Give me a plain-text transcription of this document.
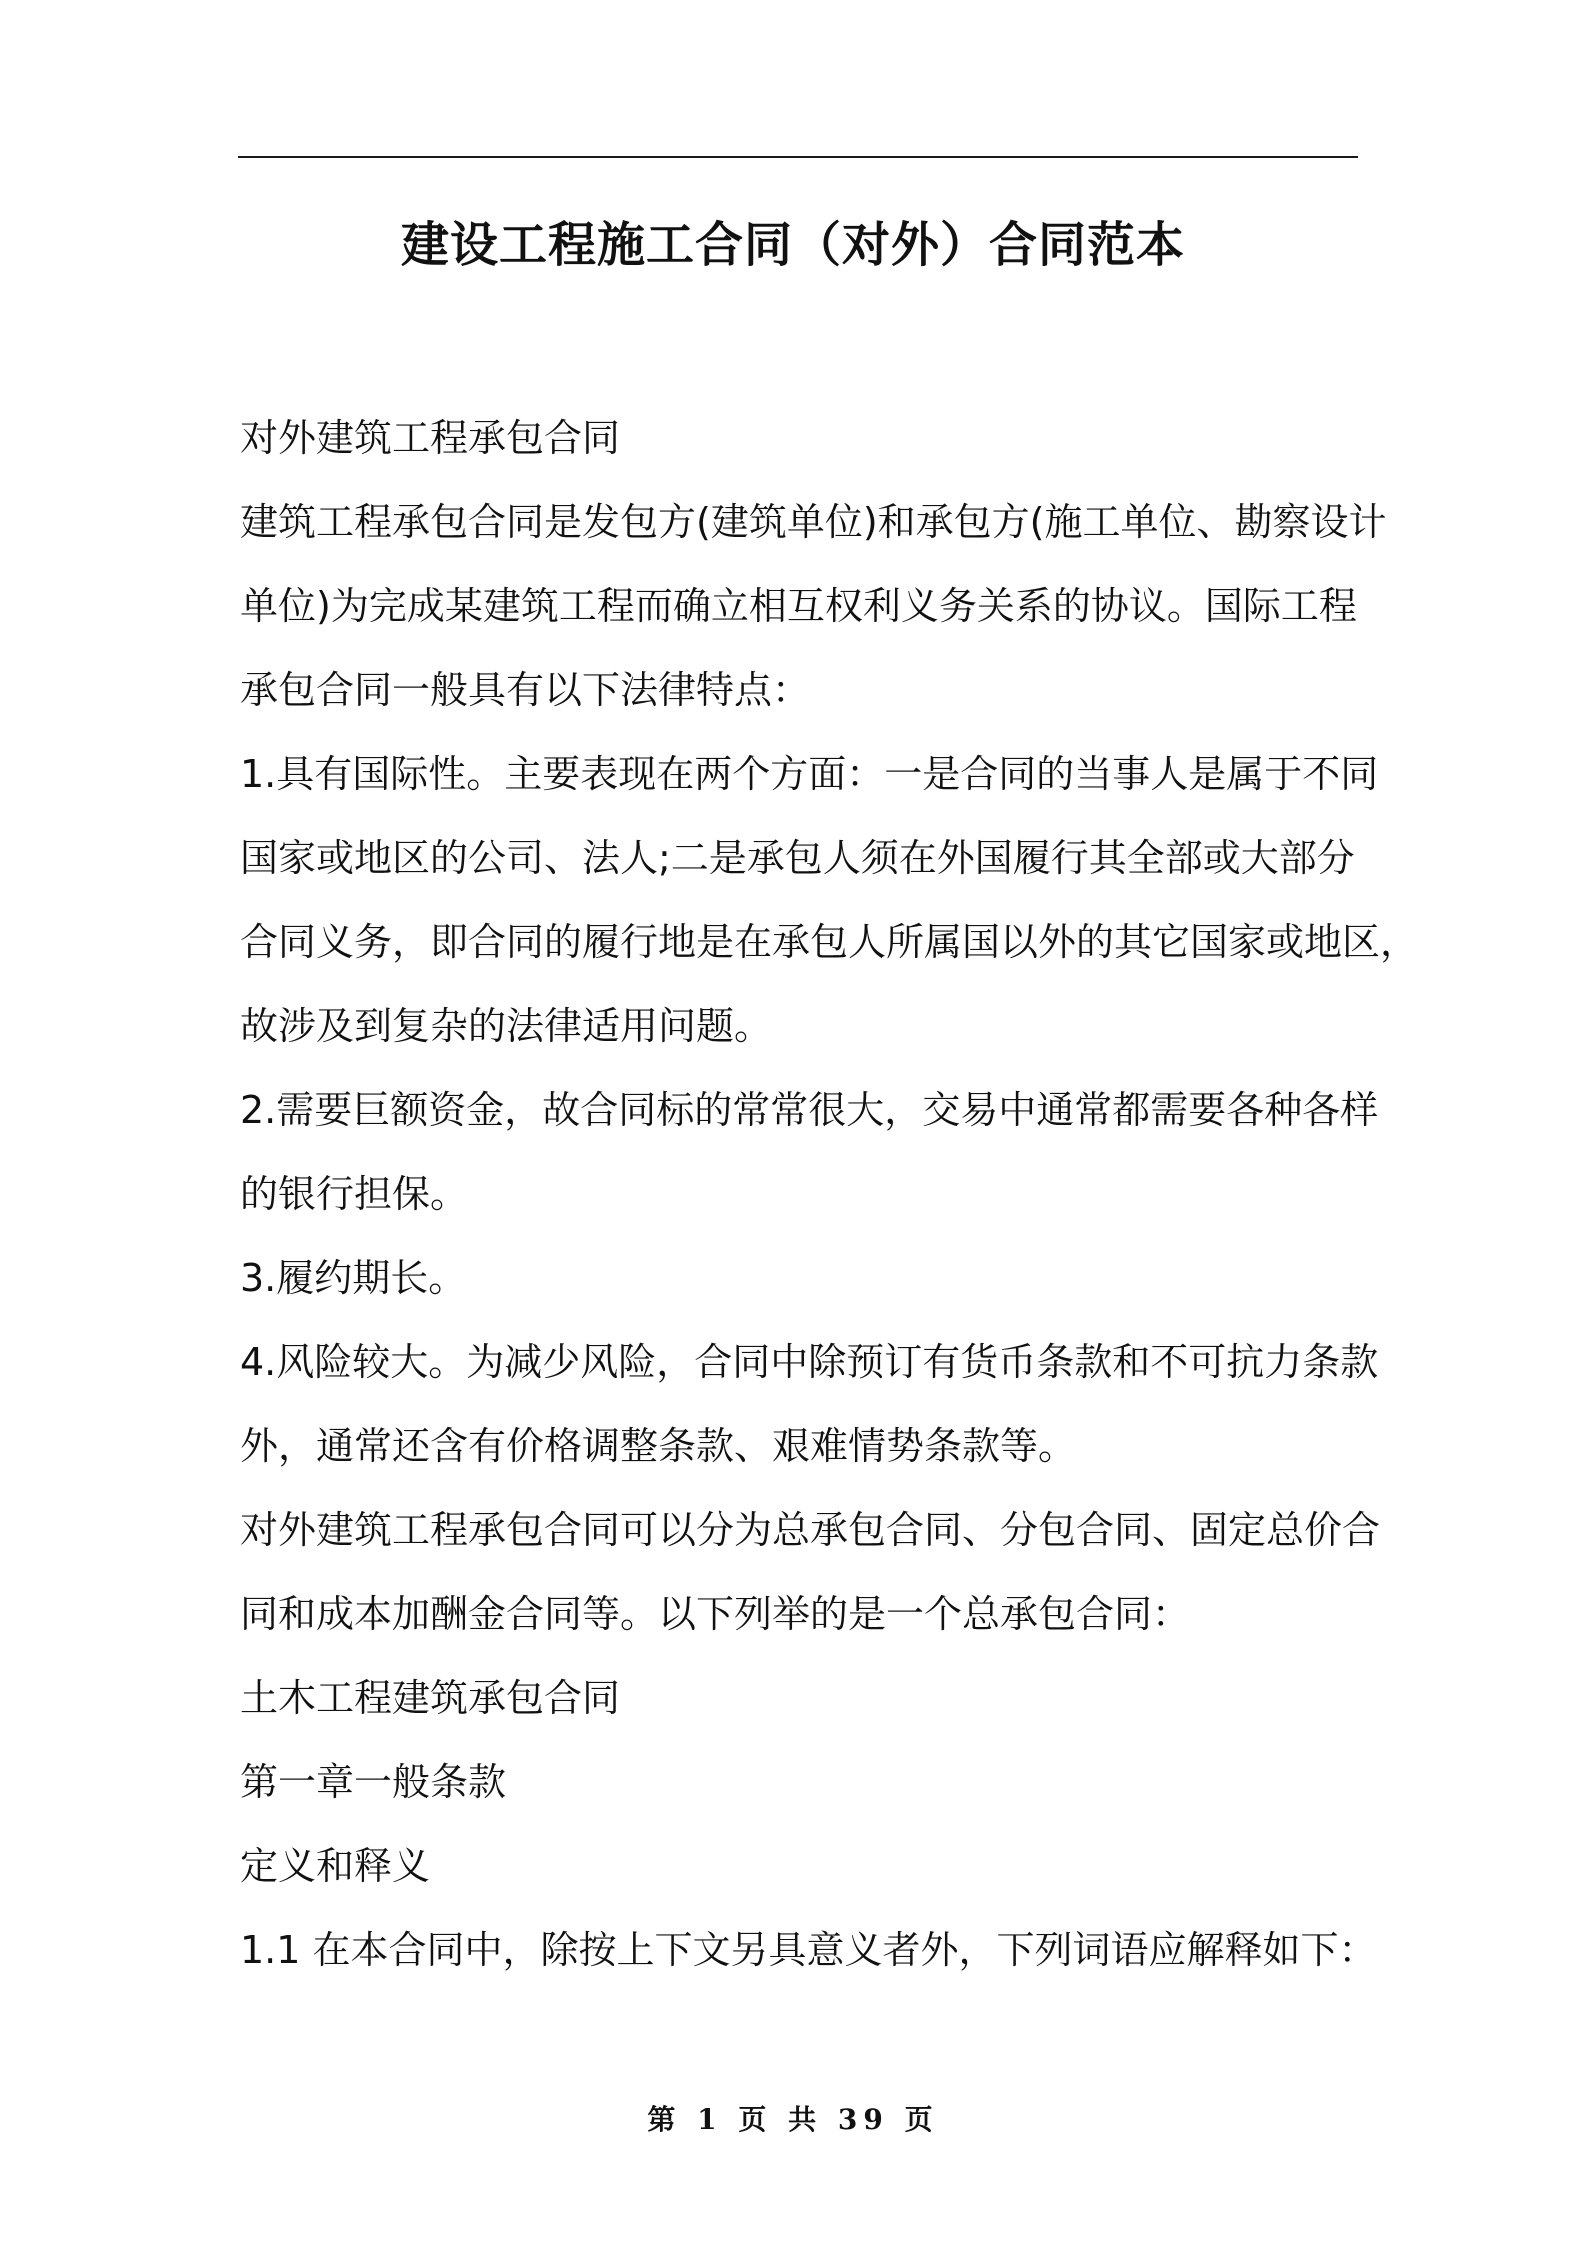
建设工程施工合同（对外）合同范本
对外建筑工程承包合同
建筑工程承包合同是发包方(建筑单位)和承包方(施工单位、勘察设计
单位)为完成某建筑工程而确立相互权利义务关系的协议。国际工程
承包合同一般具有以下法律特点：
1.具有国际性。主要表现在两个方面：一是合同的当事人是属于不同
国家或地区的公司、法人;二是承包人须在外国履行其全部或大部分
合同义务，即合同的履行地是在承包人所属国以外的其它国家或地区，
故涉及到复杂的法律适用问题。
2.需要巨额资金，故合同标的常常很大，交易中通常都需要各种各样
的银行担保。
3.履约期长。
4.风险较大。为减少风险，合同中除预订有货币条款和不可抗力条款
外，通常还含有价格调整条款、艰难情势条款等。
对外建筑工程承包合同可以分为总承包合同、分包合同、固定总价合
同和成本加酬金合同等。以下列举的是一个总承包合同：
土木工程建筑承包合同
第一章一般条款
定义和释义
1.1 在本合同中，除按上下文另具意义者外，下列词语应解释如下：
第 1 页 共 39 页
